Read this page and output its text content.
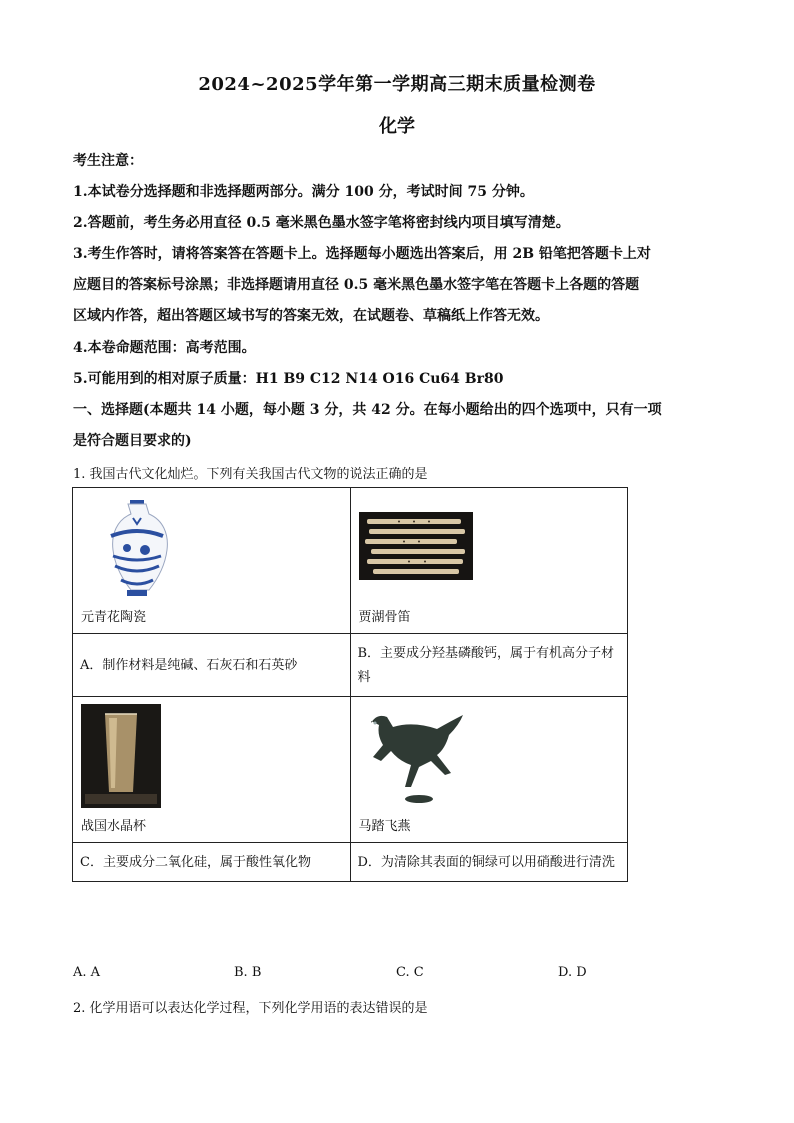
2024~2025学年第一学期高三期末质量检测卷
化学
考生注意：
1.本试卷分选择题和非选择题两部分。满分 100 分，考试时间 75 分钟。
2.答题前，考生务必用直径 0.5 毫米黑色墨水签字笔将密封线内项目填写清楚。
3.考生作答时，请将答案答在答题卡上。选择题每小题选出答案后，用 2B 铅笔把答题卡上对
应题目的答案标号涂黑；非选择题请用直径 0.5 毫米黑色墨水签字笔在答题卡上各题的答题
区域内作答，超出答题区域书写的答案无效，在试题卷、草稿纸上作答无效。
4.本卷命题范围：高考范围。
5.可能用到的相对原子质量：H1 B9 C12 N14 O16 Cu64 Br80
一、选择题(本题共 14 小题，每小题 3 分，共 42 分。在每小题给出的四个选项中，只有一项
是符合题目要求的)
1. 我国古代文化灿烂。下列有关我国古代文物的说法正确的是
元青花陶瓷	贾湖骨笛

A．制作材料是纯碱、石灰石和石英砂	B．主要成分羟基磷酸钙，属于有机高分子材料

战国水晶杯	马踏飞燕

C．主要成分二氧化硅，属于酸性氧化物	D．为清除其表面的铜绿可以用硝酸进行清洗
A. A	B. B	C. C	D. D
2. 化学用语可以表达化学过程，下列化学用语的表达错误的是
